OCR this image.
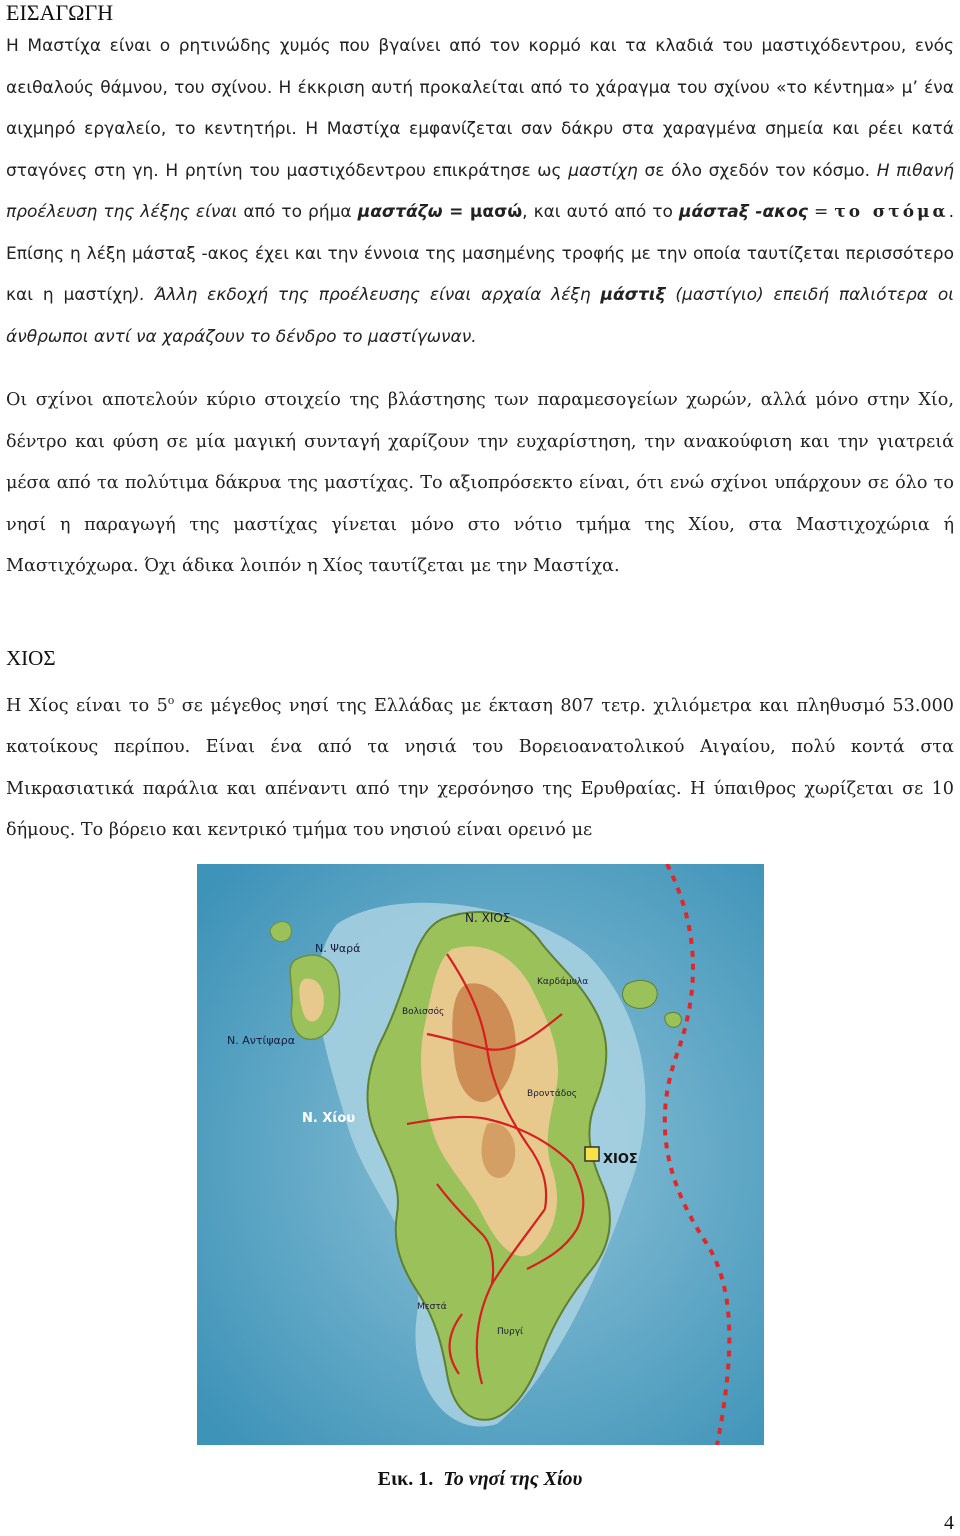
ΕΙΣΑΓΩΓΗ

Η Μαστίχα είναι ο ρητινώδης χυμός που βγαίνει από τον κορμό και τα κλαδιά του μαστιχόδεντρου, ενός αειθαλούς θάμνου, του σχίνου. Η έκκριση αυτή προκαλείται από το χάραγμα του σχίνου «το κέντημα» μ’ ένα αιχμηρό εργαλείο, το κεντητήρι. Η Μαστίχα εμφανίζεται σαν δάκρυ στα χαραγμένα σημεία και ρέει κατά σταγόνες στη γη. Η ρητίνη του μαστιχόδεντρου επικράτησε ως μαστίχη σε όλο σχεδόν τον κόσμο. Η πιθανή προέλευση της λέξης είναι από το ρήμα μαστάζω = μασώ, και αυτό από το μάστaξ -ακος = το στόμα. Επίσης η λέξη μάσταξ -ακος έχει και την έννοια της μασημένης τροφής με την οποία ταυτίζεται περισσότερο και η μαστίχη). Άλλη εκδοχή της προέλευσης είναι αρχαία λέξη μάστιξ (μαστίγιο) επειδή παλιότερα οι άνθρωποι αντί να χαράζουν το δένδρο το μαστίγωναν.

Οι σχίνοι αποτελούν κύριο στοιχείο της βλάστησης των παραμεσογείων χωρών, αλλά μόνο στην Χίο, δέντρο και φύση σε μία μαγική συνταγή χαρίζουν την ευχαρίστηση, την ανακούφιση και την γιατρειά μέσα από τα πολύτιμα δάκρυα της μαστίχας. Το αξιοπρόσεκτο είναι, ότι ενώ σχίνοι υπάρχουν σε όλο το νησί η παραγωγή της μαστίχας γίνεται μόνο στο νότιο τμήμα της Χίου, στα Μαστιχοχώρια ή Μαστιχόχωρα. Όχι άδικα λοιπόν η Χίος ταυτίζεται με την Μαστίχα.

ΧΙΟΣ

Η Χίος είναι το $5^o$ σε μέγεθος νησί της Ελλάδας με έκταση 807 τετρ. χιλιόμετρα και πληθυσμό 53.000 κατοίκους περίπου. Είναι ένα από τα νησιά του Βορειοανατολικού Αιγαίου, πολύ κοντά στα Μικρασιατικά παράλια και απέναντι από την χερσόνησο της Ερυθραίας. Η ύπαιθρος χωρίζεται σε 10 δήμους. Το βόρειο και κεντρικό τμήμα του νησιού είναι ορεινό με

Ν. Ψαρά
Ν. Αντίψαρα
Ν. Χίου
Ν. ΧΙΟΣ
ΧΙΟΣ
Βροντάδος
Βολισσός
Καρδάμυλα
Πυργί
Μεστά
Εικ. 1. Το νησί της Χίου
4
